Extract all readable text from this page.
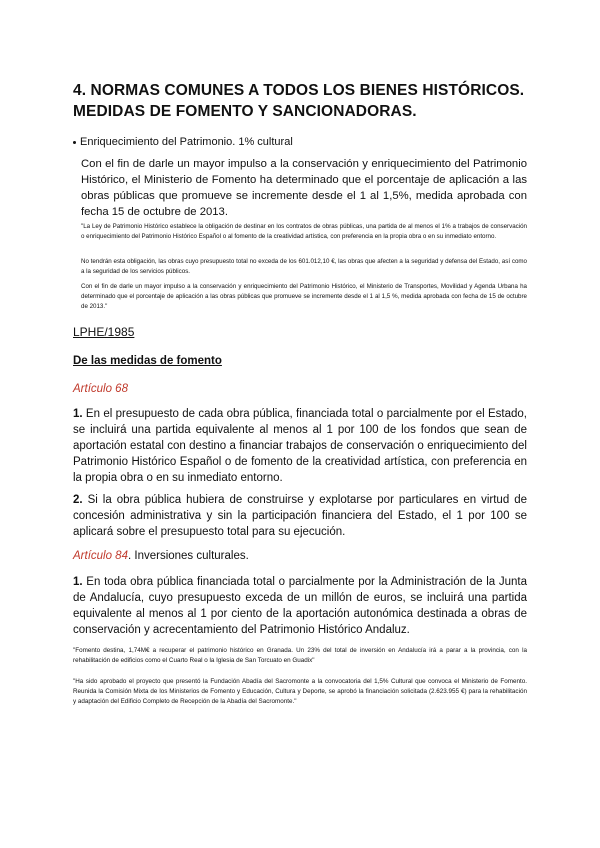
4. NORMAS COMUNES A TODOS LOS BIENES HISTÓRICOS. MEDIDAS DE FOMENTO Y SANCIONADORAS.
Enriquecimiento del Patrimonio. 1% cultural
Con el fin de darle un mayor impulso a la conservación y enriquecimiento del Patrimonio Histórico, el Ministerio de Fomento ha determinado que el porcentaje de aplicación a las obras públicas que promueve se incremente desde el 1 al 1,5%, medida aprobada con fecha 15 de octubre de 2013.
"La Ley de Patrimonio Histórico establece la obligación de destinar en los contratos de obras públicas, una partida de al menos el 1% a trabajos de conservación o enriquecimiento del Patrimonio Histórico Español o al fomento de la creatividad artística, con preferencia en la propia obra o en su inmediato entorno.
No tendrán esta obligación, las obras cuyo presupuesto total no exceda de los 601.012,10 €, las obras que afecten a la seguridad y defensa del Estado, así como a la seguridad de los servicios públicos.
Con el fin de darle un mayor impulso a la conservación y enriquecimiento del Patrimonio Histórico, el Ministerio de Transportes, Movilidad y Agenda Urbana ha determinado que el porcentaje de aplicación a las obras públicas que promueve se incremente desde el 1 al 1,5 %, medida aprobada con fecha de 15 de octubre de 2013."
LPHE/1985
De las medidas de fomento
Artículo 68
1. En el presupuesto de cada obra pública, financiada total o parcialmente por el Estado, se incluirá una partida equivalente al menos al 1 por 100 de los fondos que sean de aportación estatal con destino a financiar trabajos de conservación o enriquecimiento del Patrimonio Histórico Español o de fomento de la creatividad artística, con preferencia en la propia obra o en su inmediato entorno.
2. Si la obra pública hubiera de construirse y explotarse por particulares en virtud de concesión administrativa y sin la participación financiera del Estado, el 1 por 100 se aplicará sobre el presupuesto total para su ejecución.
Artículo 84. Inversiones culturales.
1. En toda obra pública financiada total o parcialmente por la Administración de la Junta de Andalucía, cuyo presupuesto exceda de un millón de euros, se incluirá una partida equivalente al menos al 1 por ciento de la aportación autonómica destinada a obras de conservación y acrecentamiento del Patrimonio Histórico Andaluz.
"Fomento destina, 1,74M€ a recuperar el patrimonio histórico en Granada. Un 23% del total de inversión en Andalucía irá a parar a la provincia, con la rehabilitación de edificios como el Cuarto Real o la Iglesia de San Torcuato en Guadix"
"Ha sido aprobado el proyecto que presentó la Fundación Abadía del Sacromonte a la convocatoria del 1,5% Cultural que convoca el Ministerio de Fomento. Reunida la Comisión Mixta de los Ministerios de Fomento y Educación, Cultura y Deporte, se aprobó la financiación solicitada (2.623.955 €) para la rehabilitación y adaptación del Edificio Completo de Recepción de la Abadía del Sacromonte."
